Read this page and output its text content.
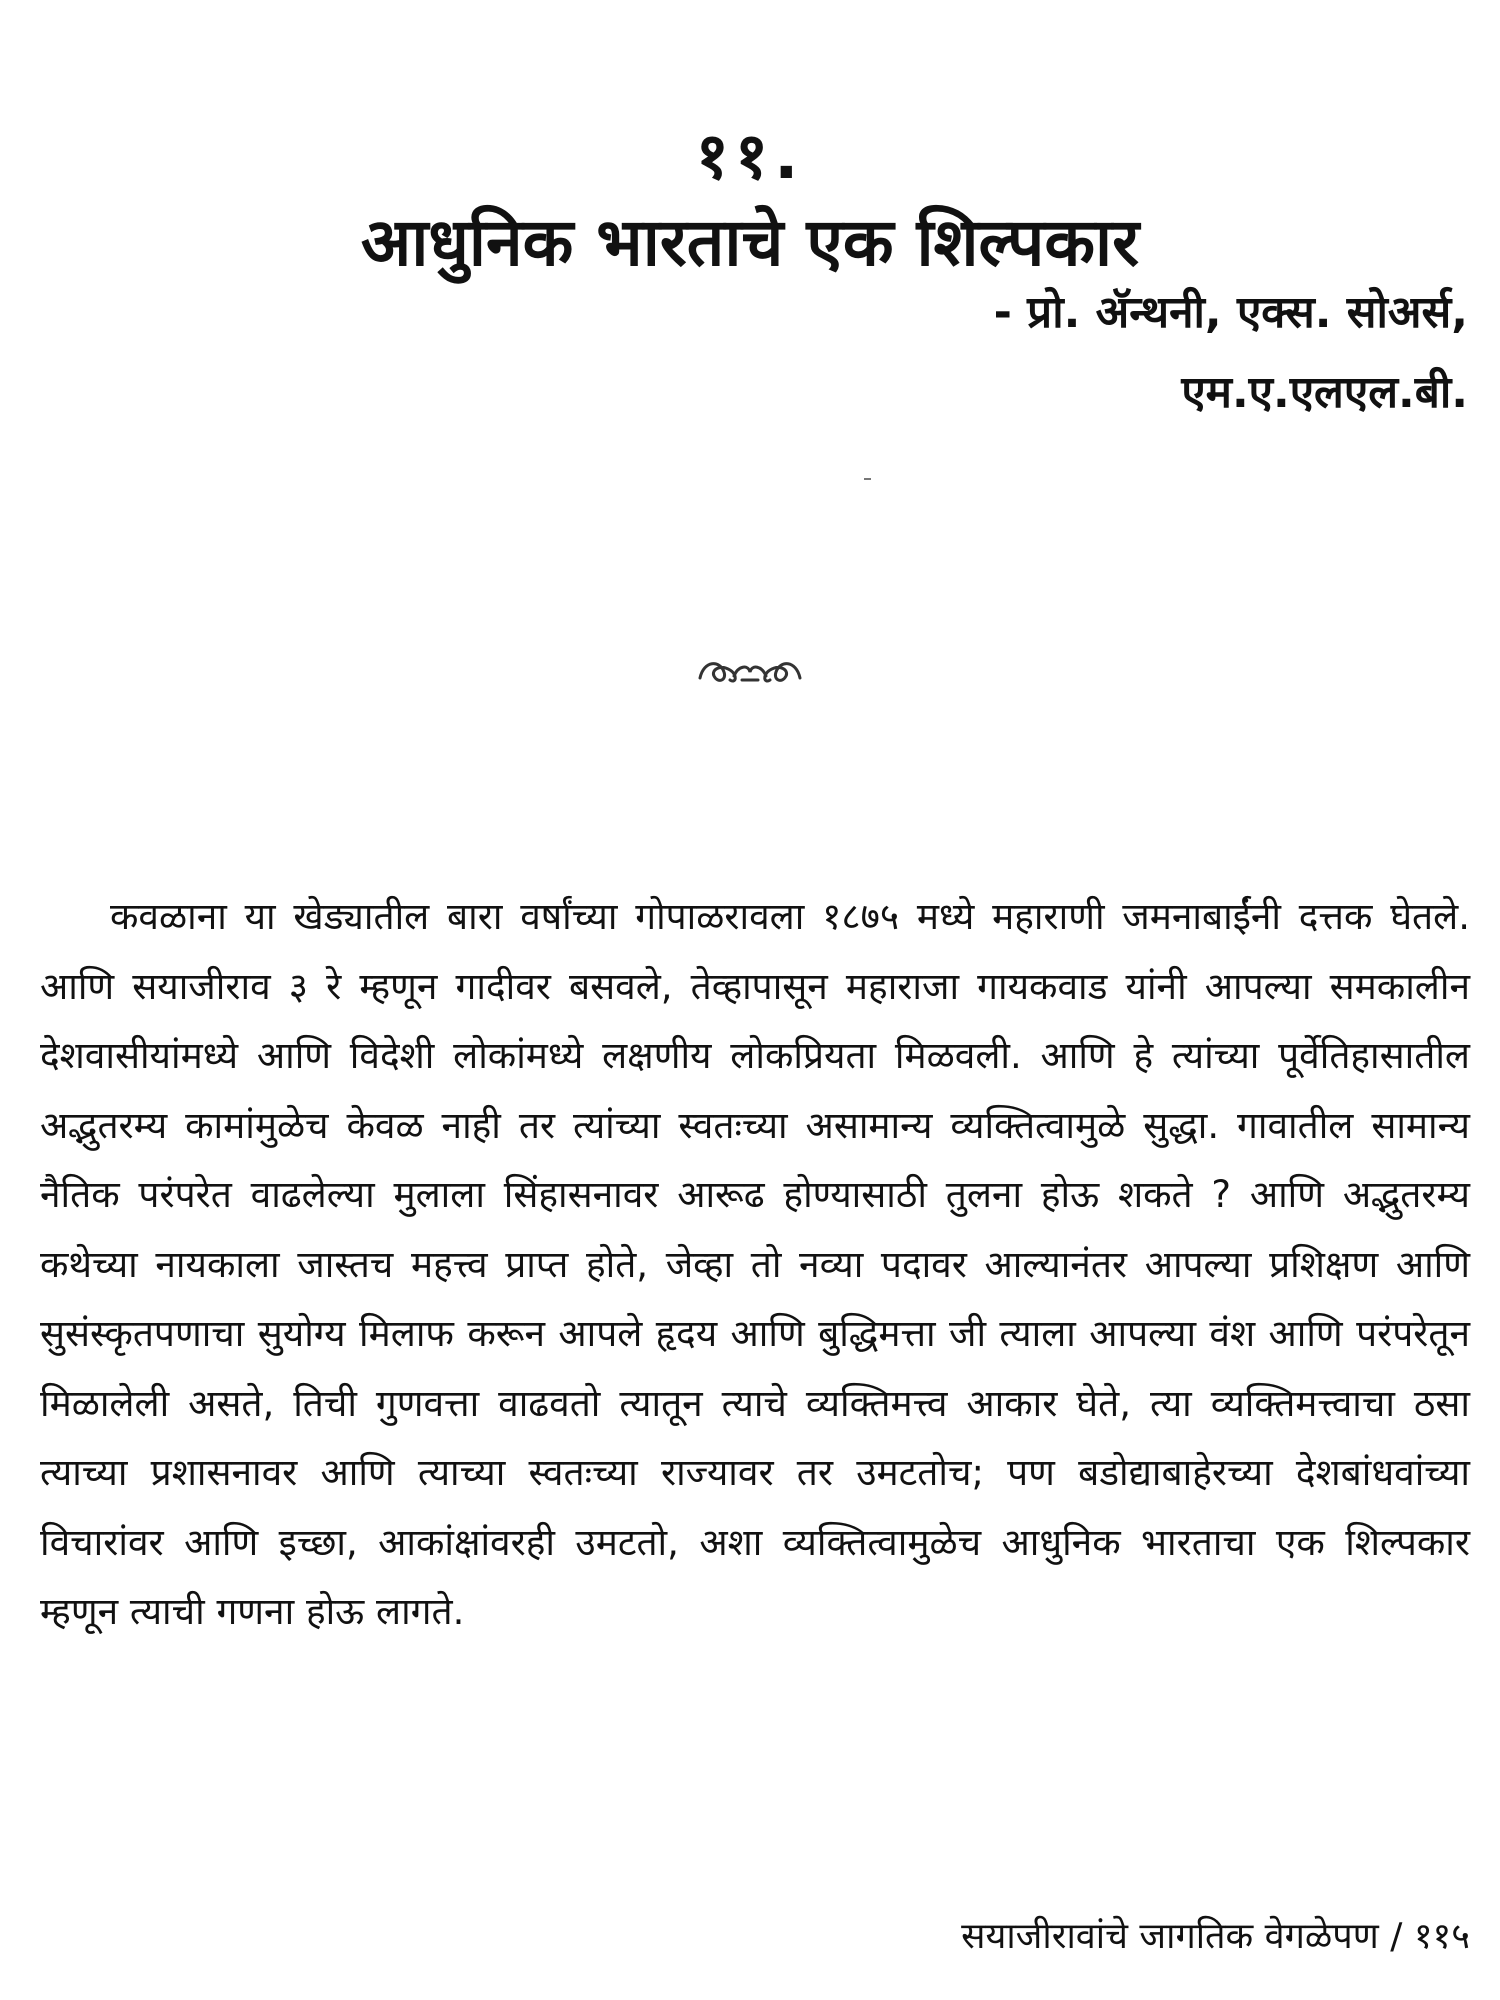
११.
आधुनिक भारताचे एक शिल्पकार
- प्रो. ॲन्थनी, एक्स. सोअर्स,
एम.ए.एलएल.बी.

कवळाना या खेड्यातील बारा वर्षांच्या गोपाळरावला १८७५ मध्ये महाराणी जमनाबाईंनी दत्तक घेतले. आणि सयाजीराव ३ रे म्हणून गादीवर बसवले, तेव्हापासून महाराजा गायकवाड यांनी आपल्या समकालीन देशवासीयांमध्ये आणि विदेशी लोकांमध्ये लक्षणीय लोकप्रियता मिळवली. आणि हे त्यांच्या पूर्वेतिहासातील अद्भुतरम्य कामांमुळेच केवळ नाही तर त्यांच्या स्वतःच्या असामान्य व्यक्तित्वामुळे सुद्धा. गावातील सामान्य नैतिक परंपरेत वाढलेल्या मुलाला सिंहासनावर आरूढ होण्यासाठी तुलना होऊ शकते ? आणि अद्भुतरम्य कथेच्या नायकाला जास्तच महत्त्व प्राप्त होते, जेव्हा तो नव्या पदावर आल्यानंतर आपल्या प्रशिक्षण आणि सुसंस्कृतपणाचा सुयोग्य मिलाफ करून आपले हृदय आणि बुद्धिमत्ता जी त्याला आपल्या वंश आणि परंपरेतून मिळालेली असते, तिची गुणवत्ता वाढवतो त्यातून त्याचे व्यक्तिमत्त्व आकार घेते, त्या व्यक्तिमत्त्वाचा ठसा त्याच्या प्रशासनावर आणि त्याच्या स्वतःच्या राज्यावर तर उमटतोच; पण बडोद्याबाहेरच्या देशबांधवांच्या विचारांवर आणि इच्छा, आकांक्षांवरही उमटतो, अशा व्यक्तित्वामुळेच आधुनिक भारताचा एक शिल्पकार म्हणून त्याची गणना होऊ लागते.

सयाजीरावांचे जागतिक वेगळेपण / ११५
